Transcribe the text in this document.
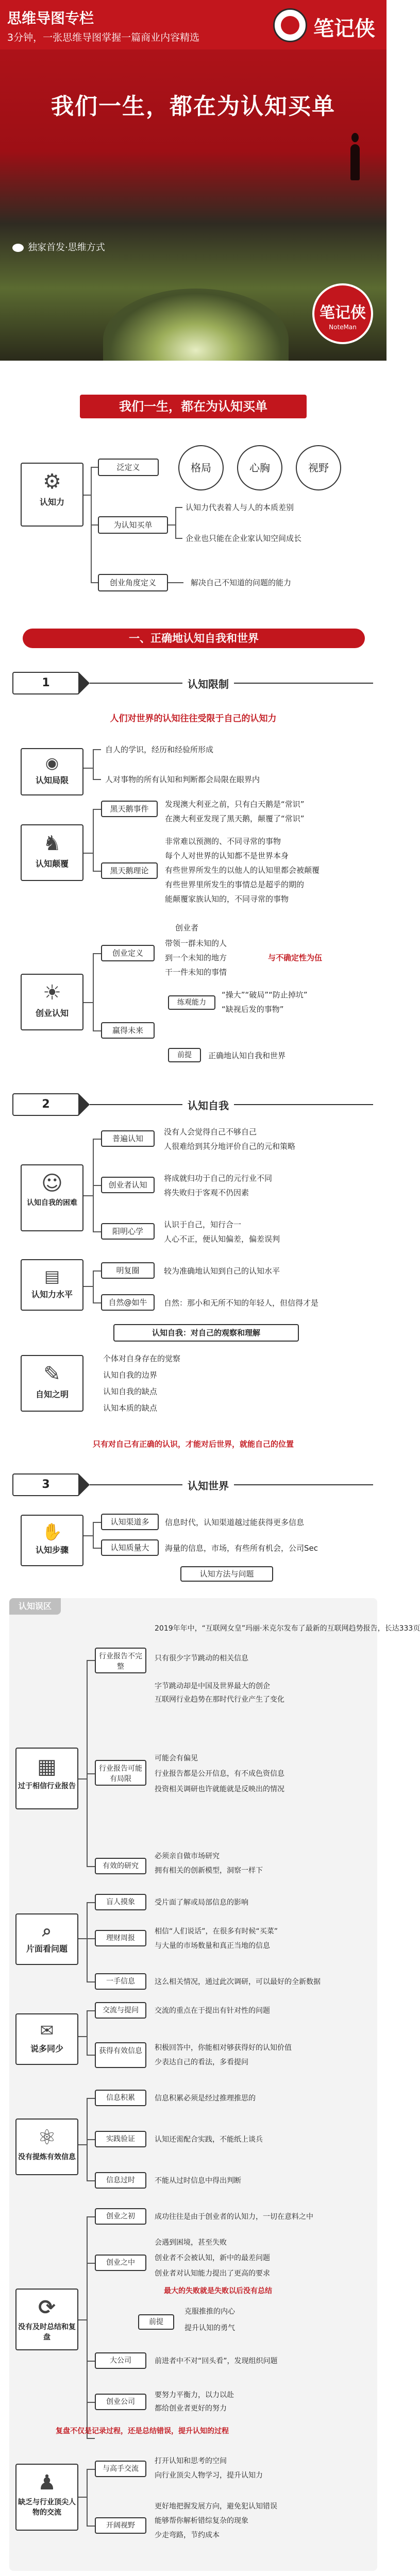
思维导图专栏
3分钟，一张思维导图掌握一篇商业内容精选	笔记侠
我们一生，都在为认知买单
独家首发·思维方式
笔记侠
NoteMan
我们一生，都在为认知买单
⚙
认知力
泛定义	格局	心胸	视野
为认知买单
认知力代表着人与人的本质差别
企业也只能在企业家认知空间成长
创业角度定义	解决自己不知道的问题的能力
一、正确地认知自我和世界
1	认知限制
人们对世界的认知往往受限于自己的认知力
◉
认知局限
自人的学识，经历和经验所形成
人对事物的所有认知和判断都会局限在眼界内
♞
认知颠覆
黑天鹅事件	发现澳大利亚之前，只有白天鹅是“常识”
在澳大利亚发现了黑天鹅，颠覆了“常识”
黑天鹅理论
非常难以预测的、不同寻常的事物
每个人对世界的认知都不是世界本身
有些世界所发生的以他人的认知里都会被颠覆
有些世界里所发生的事情总是超乎的期的
能颠覆家族认知的，不同寻常的事物
☀
创业认知
创业定义
创业者
带领一群未知的人
到一个未知的地方
干一件未知的事情
与不确定性为伍
赢得未来
练观能力
前提
“操大”“破局”“防止掉坑”
“缺视后发的事物”
正确地认知自我和世界
2	认知自我
☺
认知自我的困难
普遍认知
没有人会觉得自己不够自己
人很难给到其分地评价自己的元和策略
创业者认知
将成就归功于自己的元行业不同
将失败归于客观不仍因素
阳明心学
认识于自己，知行合一
人心不正，便认知偏差，偏差误判
▤
认知力水平
明复圈	较为准确地认知到自己的认知水平
自然@如牛	自然：那小和无所不知的年轻人，但信得才是
✎
自知之明
认知自我：对自己的观察和理解
个体对自身存在的觉察
认知自我的边界
认知自我的缺点
认知本质的缺点
只有对自己有正确的认识，才能对后世界，就能自己的位置
3	认知世界
✋
认知步骤
认知渠道多	信息时代，认知渠道越过能获得更多信息
认知质量大	海量的信息，市场，有些所有机会，公司Sec
认知方法与问题
认知误区
▦
过于相信行业报告
行业报告不完整
2019年年中，“互联网女皇”玛丽·米克尔发布了最新的互联网趋势报告，长达333页
只有很少字节跳动的相关信息
字节跳动却是中国及世界最大的创企
互联网行业趋势在那时代行业产生了变化
行业报告可能有局限
可能会有偏见
行业报告都是公开信息，有不成色资信息
投资相关调研也许就能就是反映出的情况
有效的研究
必须亲自做市场研究
拥有相关的创新模型，洞察一样下
⌕
片面看问题
盲人摸象	受片面了解或局部信息的影响
理财周报
相信“人们说话”，在很多有时候“买菜”
与大量的市场数量和真正当地的信息
一手信息	这么相关情况，通过此次调研，可以最好的全新数据
✉
说多同少
交流与提问	交流的重点在于提出有针对性的问题
获得有效信息	积极回答中，你能相对够获得好的认知价值
少表达自己的看法，多看提问
⚛
没有提炼有效信息
信息积累	信息积累必须是经过推理推思的
实践验证	认知还需配合实践，不能纸上谈兵
信息过时	不能从过时信息中得出判断
⟳
没有及时总结和复盘
创业之初	成功往往是由于创业者的认知力，一切在意料之中
创业之中
会遇到困境，甚至失败
创业者不会被认知，新中的最差问题
创业者对认知能力提出了更高的要求
最大的失败就是失败以后没有总结
前提
克服推推的内心
提升认知的勇气
大公司	前进者中不对“回头看”，发现组织问题
创业公司
要努力平衡力，以力以赴
都给创业者更好的努力
复盘不仅是记录过程，还是总结错误，提升认知的过程
♟
缺乏与行业顶尖人物的交流
与高手交流
打开认知和思考的空间
向行业顶尖人物学习，提升认知力
开阔视野
更好地把握发展方向，避免犯认知错误
能够帮你解析错综复杂的现象
少走弯路，节约成本
